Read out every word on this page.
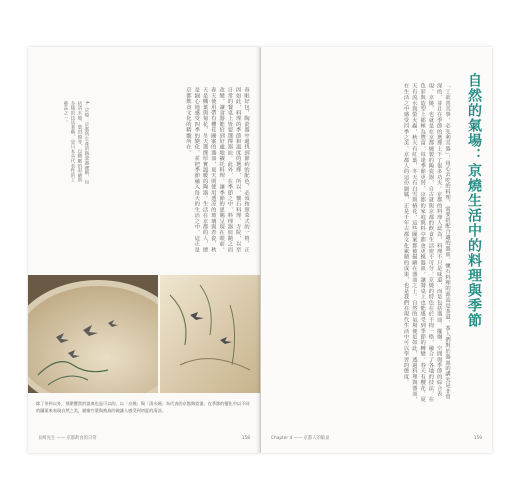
春眠好包，陶瓷器中還找到節約的配色，必須按照菜式的一格，正因如此，料理的季節和溫度的選擇，所以，懷石料理、寺院，以至日常的餐桌上皆要選擇器皿。此外，在季節之中，料理器皿隨之而改變，讓食器能恰到好處地襯托料理，讓季節的恩賜呈現在眼前。春天使用帶有櫻花圖案的器皿，夏天則使用透涼的玻璃與青瓷，秋天是楓葉與菊花，冬天選擇厚實溫暖的陶器。生活在京都的人，總是細心地感受四季的變化，並把季節融入每天的生活之中，這正是京都飲食文化的精髓所在。
4. 京燒：京都所生產的陶瓷器總稱，包括清水燒、粟田燒等，以精緻的彩繪與多樣的技法著稱，是日本具代表性的工藝品之一。
除了茶杯以外，那麼寶貴的器皿也是可以的。以「京燒」與「清水燒」為代表的京都陶瓷器，在季節的變化中以不同的圖案來表現自然之美，描繪竹葉與飛鳥的碗讓人感受到初夏的清涼。
長崎先生 —— 京都飲食的日常	158
自然的氣場：京燒生活中的料理與季節
「工欲善其事，必先利其器」，用心去吃的料理，需要搭配合適的器皿。懷石料理的源流是茶道，茶人們對於器皿的講究是非常深的，並且在季節的選擇上下了很多功夫。京都的料理人認為，料理不只是味道，而是包括器皿、擺盤、空間與季節的綜合表現。京燒，也就是在京都燒製的陶瓷器，自古就與京都的飲食生活密不可分。京燒的特色在於不拘一格，融合了各地的技法，在色彩與造型上都極為豐富。每逢季節更替，京都的家庭與料亭都會更換器皿，讓餐桌上也能感受到季節的轉變。春天有櫻花，夏天有流水與螢火蟲，秋天有紅葉，冬天有白雪與椿花，這些圖案都被描繪在器皿之上。自然的氣場便是如此，透過料理與器皿，在生活之中感受四季之美。京都人的這份細膩，正是千年古都文化累積的成果，也是我們在現代生活中可以學習的態度。
Chapter 4 —— 京都人的飯桌	159
